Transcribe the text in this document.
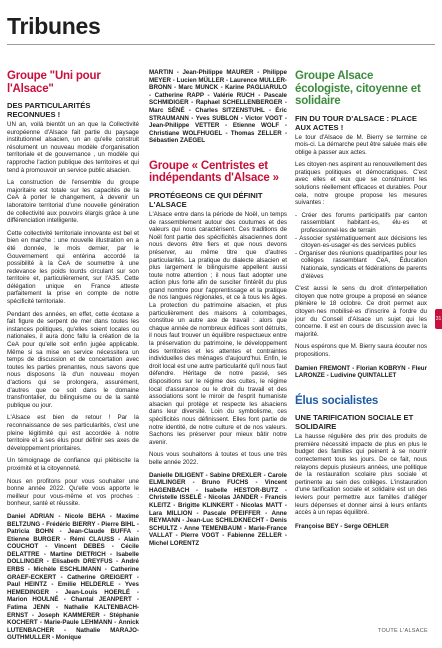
Tribunes
Groupe "Uni pour l'Alsace"
DES PARTICULARITÉS RECONNUES !

UN an, voilà bientôt un an que la Collectivité européenne d'Alsace fait partie du paysage institutionnel alsacien, un an qu'elle construit résolument un nouveau modèle d'organisation territoriale et de gouvernance , un modèle qui rapproche l'action publique des territoires et qui tend à promouvoir un service public alsacien.

La construction de l'ensemble du groupe majoritaire est totale sur les capacités de la CeA à porter le changement, à devenir un laboratoire territorial d'une nouvelle génération de collectivité aux pouvoirs élargis grâce à une différenciation intelligente.

Cette collectivité territoriale innovante est bel et bien en marche : une nouvelle illustration en a été donnée, le mois dernier, par le Gouvernement qui entérina accordé la possibilité à la CeA de soumettre à une redevance les poids lourds circulant sur son territoire et, particulièrement, sur l'A35. Cette délégation unique en France atteste parfaitement la prise en compte de notre spécificité territoriale.

Pendant des années, en effet, cette écotaxe a fait figure de serpent de mer dans toutes les instances politiques, qu'elles soient locales ou nationales, il aura donc fallu la création de la CeA pour qu'elle soit enfin jugée applicable. Même si sa mise en service nécessitera un temps de discussion et de concertation avec toutes les parties prenantes, nous savons que nous disposons là d'un nouveau moyen d'actions qui se prolongera, assurément, d'autres que ce soit dans le domaine transfrontalier, du bilinguisme ou de la santé publique ou jour.

L'Alsace est bien de retour ! Par la reconnaissance de ses particularités, c'est une pleine légitimité qui est accordée à notre territoire et à ses élus pour définir ses axes de développement prioritaires.

Un témoignage de confiance qui plébiscite la proximité et la citoyenneté.

Nous en profitons pour vous souhaiter une bonne année 2022. Qu'elle vous apporte le meilleur pour vous-même et vos proches : bonheur, santé et réussite.

Daniel ADRIAN - Nicole BEHA - Maxime BELTZUNG - Frédéric BIERRY - Pierre BIHL - Patricia BOHN - Jean-Claude BUFFA - Etienne BURGER - Rémi CLAUSS - Alain COUCHOT - Vincent DEBES - Cécile DELATTRE - Martine DIETRICH - Isabelle DOLLINGER - Elisabeth DREYFUS - André ERBS - Michèle ESCHLIMANN - Catherine GRAEF-ECKERT - Catherine GREIGERT - Paul HEINTZ - Emilie HELDERLE - Yves HEMEDINGER - Jean-Louis HOERLÉ - Marion HOULNÉ - Chantal JEANPERT - Fatima JENN - Nathalie KALTENBACH-ERNST - Joseph KAMMERER - Stéphanie KOCHERT - Marie-Paule LEHMANN - Annick LUTENBACHER - Nathalie MARAJO-GUTHMULLER - Monique
MARTIN - Jean-Philippe MAURER - Philippe MEYER - Lucien MÜLLER - Laurence MULLER-BRONN - Marc MUNCK - Karine PAGLIARULO - Catherine RAPP - Valérie RUCH - Pascale SCHMIDIGER - Raphael SCHELLENBERGER - Marc SÉNÉ - Charles SITZENSTUHL - Éric STRAUMANN - Yves SUBLON - Victor VOGT - Jean-Philippe VETTER - Etienne WOLF - Christiane WOLFHUGEL - Thomas ZELLER - Sébastien ZAEGEL
Groupe « Centristes et indépendants d'Alsace »
PROTÉGEONS CE QUI DÉFINIT L'ALSACE

L'Alsace entre dans la période de Noël, un temps de rassemblement autour des coutumes et des valeurs qui nous caractérisent. Ces traditions de Noël font partie des spécificités alsaciennes dont nous devons être fiers et que nous devons préserver, au même titre que d'autres particularités. La pratique du dialecte alsacien et plus largement le bilinguisme appellent aussi toute notre attention ; il nous faut adopter une action plus forte afin de susciter l'intérêt du plus grand nombre pour l'apprentissage et la pratique de nos langues régionales, et ce à tous les âges. La protection du patrimoine alsacien, et plus particulièrement des maisons à colombages, constitue un autre axe de travail : alors que chaque année de nombreux édifices sont détruits, il nous faut trouver un équilibre respectueux entre la préservation du patrimoine, le développement des territoires et les attentes et contraintes individuelles des ménages d'aujourd'hui. Enfin, le droit local est une autre particularité qu'il nous faut défendre. Héritage de notre passé, ses dispositions sur le régime des cultes, le régime local d'assurance ou le droit du travail et des associations sont le miroir de l'esprit humaniste alsacien qui protège et respecte les alsaciens dans leur diversité. Loin du symbolisme, ces spécificités nous définissent. Elles font partie de notre identité, de notre culture et de nos valeurs. Sachons les préserver pour mieux bâtir notre avenir.

Nous vous souhaitons à toutes et tous une très belle année 2022.

Danielle DILIGENT - Sabine DREXLER - Carole ELMLINGER - Bruno FUCHS - Vincent HAGENBACH - Isabelle HESTOR-BUTZ - Christelle ISSELÉ - Nicolas JANDER - Francis KLEITZ - Brigitte KLINKERT - Nicolas MATT - Lara MILLION - Pascale PFEIFFER - Anne REYMANN - Jean-Luc SCHILDKNECHT - Denis SCHULTZ - Anne TEMENBAUM - Marie-France VALLAT - Pierre VOGT - Fabienne ZELLER - Michel LORENTZ
Groupe Alsace écologiste, citoyenne et solidaire
FIN DU TOUR D'ALSACE : PLACE AUX ACTES !

Le tour d'Alsace de M. Bierry se termine ce mois-ci. La démarche peut être saluée mais elle oblige à passer aux actes.

Les citoyen·nes aspirent au renouvellement des pratiques politiques et démocratiques. C'est avec elles et eux que se construiront les solutions réellement efficaces et durables. Pour cela, notre groupe propose les mesures suivantes :

- Créer des forums participatifs par canton rassemblant habitant·es, élu·es et professionnel·les de terrain
- Associer systématiquement aux décisions les citoyen·es-usager·es des services publics
- Organiser des réunions quadripartites pour les collèges rassemblant CeA, Éducation Nationale, syndicats et fédérations de parents d'élèves

C'est aussi le sens du droit d'interpellation citoyen que notre groupe a proposé en séance plénière le 18 octobre. Ce droit permet aux citoyen·nes mobilisé·es d'inscrire à l'ordre du jour du Conseil d'Alsace un sujet qui les concerne. Il est en cours de discussion avec la majorité.

Nous espérons que M. Bierry saura écouter nos propositions.

Damien FREMONT - Florian KOBRYN - Fleur LARONZE - Ludivine QUINTALLET
Élus socialistes
UNE TARIFICATION SOCIALE ET SOLIDAIRE

La hausse régulière des prix des produits de première nécessité impacte de plus en plus le budget des familles qui peinent à se nourrir correctement tous les jours. De ce fait, nous relayons depuis plusieurs années, une politique de la restauration scolaire plus sociale et pertinente au sein des collèges. L'instauration d'une tarification sociale et solidaire est un des leviers pour permettre aux familles d'alléger leurs dépenses et donner ainsi à leurs enfants accès à un repas équilibré.

Françoise BEY - Serge OEHLER
31
TOUTE L'ALSACE
